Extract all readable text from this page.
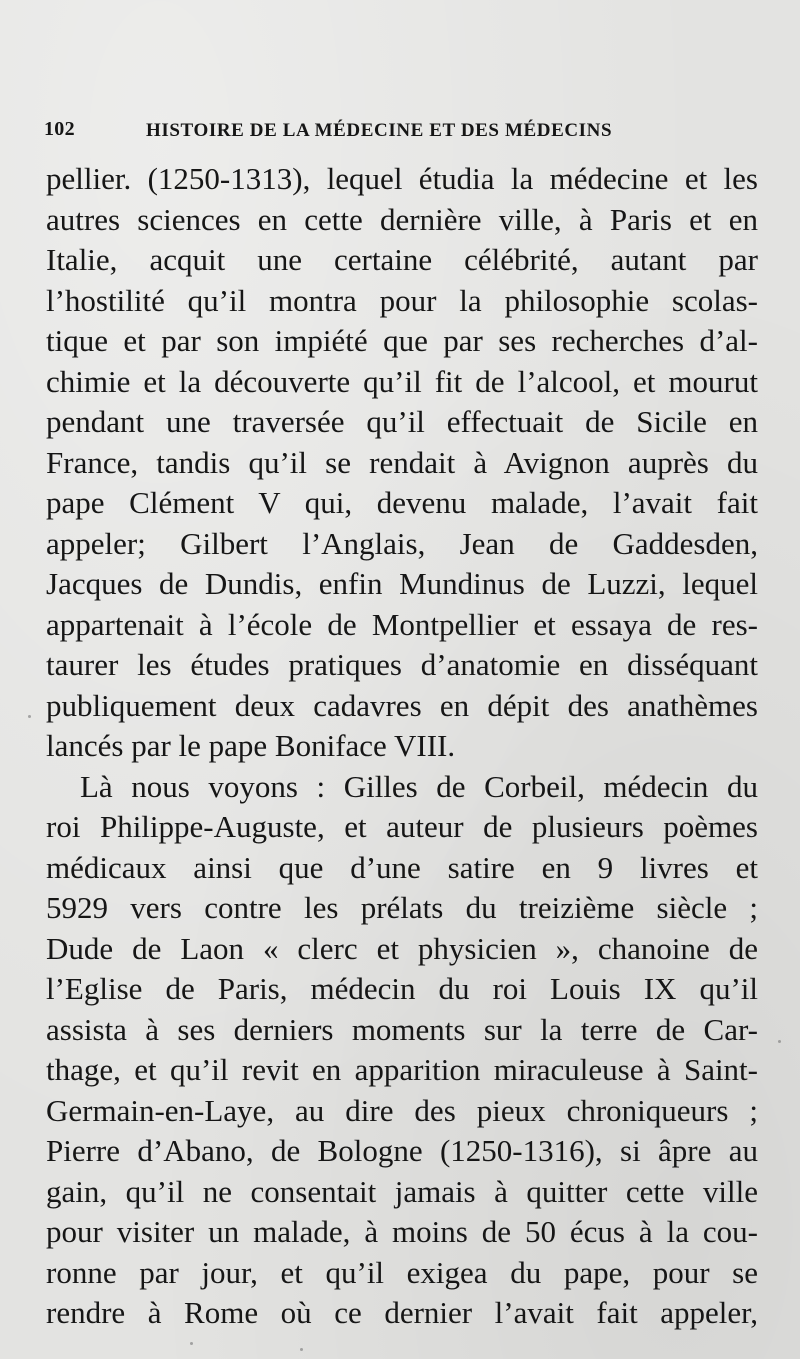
102	HISTOIRE DE LA MÉDECINE ET DES MÉDECINS
pellier. (1250-1313), lequel étudia la médecine et les
autres sciences en cette dernière ville, à Paris et en
Italie, acquit une certaine célébrité, autant par
l’hostilité qu’il montra pour la philosophie scolas-
tique et par son impiété que par ses recherches d’al-
chimie et la découverte qu’il fit de l’alcool, et mourut
pendant une traversée qu’il effectuait de Sicile en
France, tandis qu’il se rendait à Avignon auprès du
pape Clément V qui, devenu malade, l’avait fait
appeler; Gilbert l’Anglais, Jean de Gaddesden,
Jacques de Dundis, enfin Mundinus de Luzzi, lequel
appartenait à l’école de Montpellier et essaya de res-
taurer les études pratiques d’anatomie en disséquant
publiquement deux cadavres en dépit des anathèmes
lancés par le pape Boniface VIII.
Là nous voyons : Gilles de Corbeil, médecin du
roi Philippe-Auguste, et auteur de plusieurs poèmes
médicaux ainsi que d’une satire en 9 livres et
5929 vers contre les prélats du treizième siècle ;
Dude de Laon « clerc et physicien », chanoine de
l’Eglise de Paris, médecin du roi Louis IX qu’il
assista à ses derniers moments sur la terre de Car-
thage, et qu’il revit en apparition miraculeuse à Saint-
Germain-en-Laye, au dire des pieux chroniqueurs ;
Pierre d’Abano, de Bologne (1250-1316), si âpre au
gain, qu’il ne consentait jamais à quitter cette ville
pour visiter un malade, à moins de 50 écus à la cou-
ronne par jour, et qu’il exigea du pape, pour se
rendre à Rome où ce dernier l’avait fait appeler,
